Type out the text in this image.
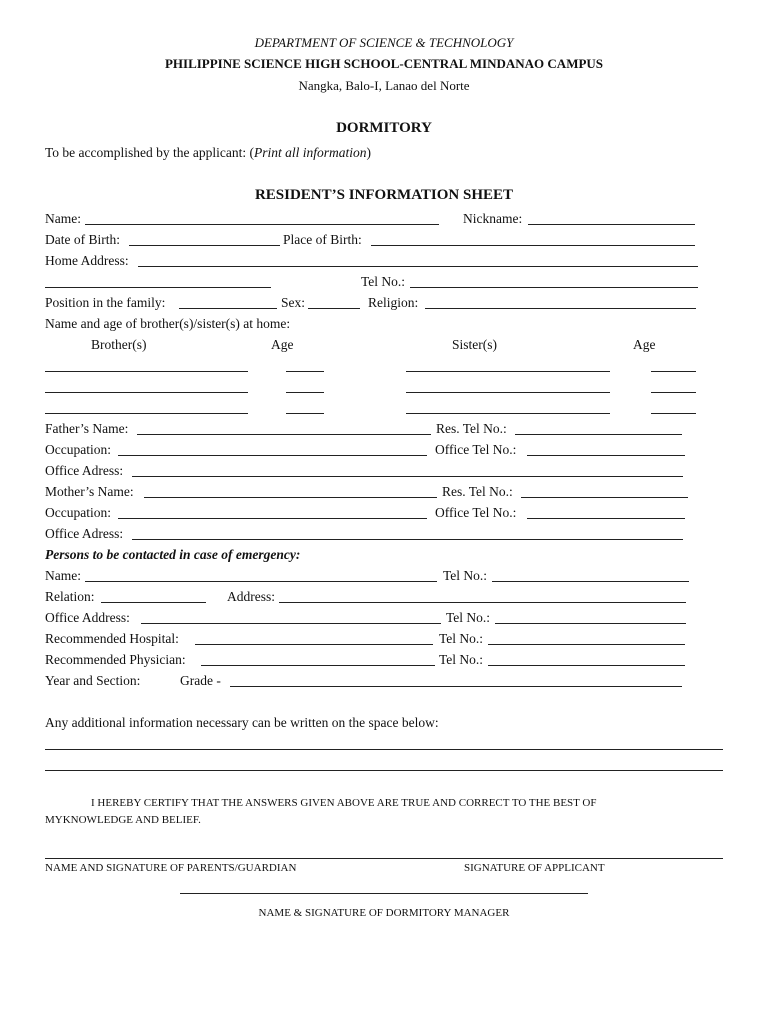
DEPARTMENT OF SCIENCE & TECHNOLOGY
PHILIPPINE SCIENCE HIGH SCHOOL-CENTRAL MINDANAO CAMPUS
Nangka, Balo-I, Lanao del Norte
DORMITORY
To be accomplished by the applicant: (Print all information)
RESIDENT’S INFORMATION SHEET
Name:	Nickname:
Date of Birth:	Place of Birth:
Home Address:
Tel No.:
Position in the family:	Sex:	Religion:
Name and age of brother(s)/sister(s) at home:
Brother(s)	Age	Sister(s)	Age
Father’s Name:	Res. Tel No.:
Occupation:	Office Tel No.:
Office Adress:
Mother’s Name:	Res. Tel No.:
Occupation:	Office Tel No.:
Office Adress:
Persons to be contacted in case of emergency:
Name:	Tel No.:
Relation:	Address:
Office Address:	Tel No.:
Recommended Hospital:	Tel No.:
Recommended Physician:	Tel No.:
Year and Section:	Grade -
Any additional information necessary can be written on the space below:
I HEREBY CERTIFY THAT THE ANSWERS GIVEN ABOVE ARE TRUE AND CORRECT TO THE BEST OF
MYKNOWLEDGE AND BELIEF.
NAME AND SIGNATURE OF PARENTS/GUARDIAN	SIGNATURE OF APPLICANT
NAME & SIGNATURE OF DORMITORY MANAGER
